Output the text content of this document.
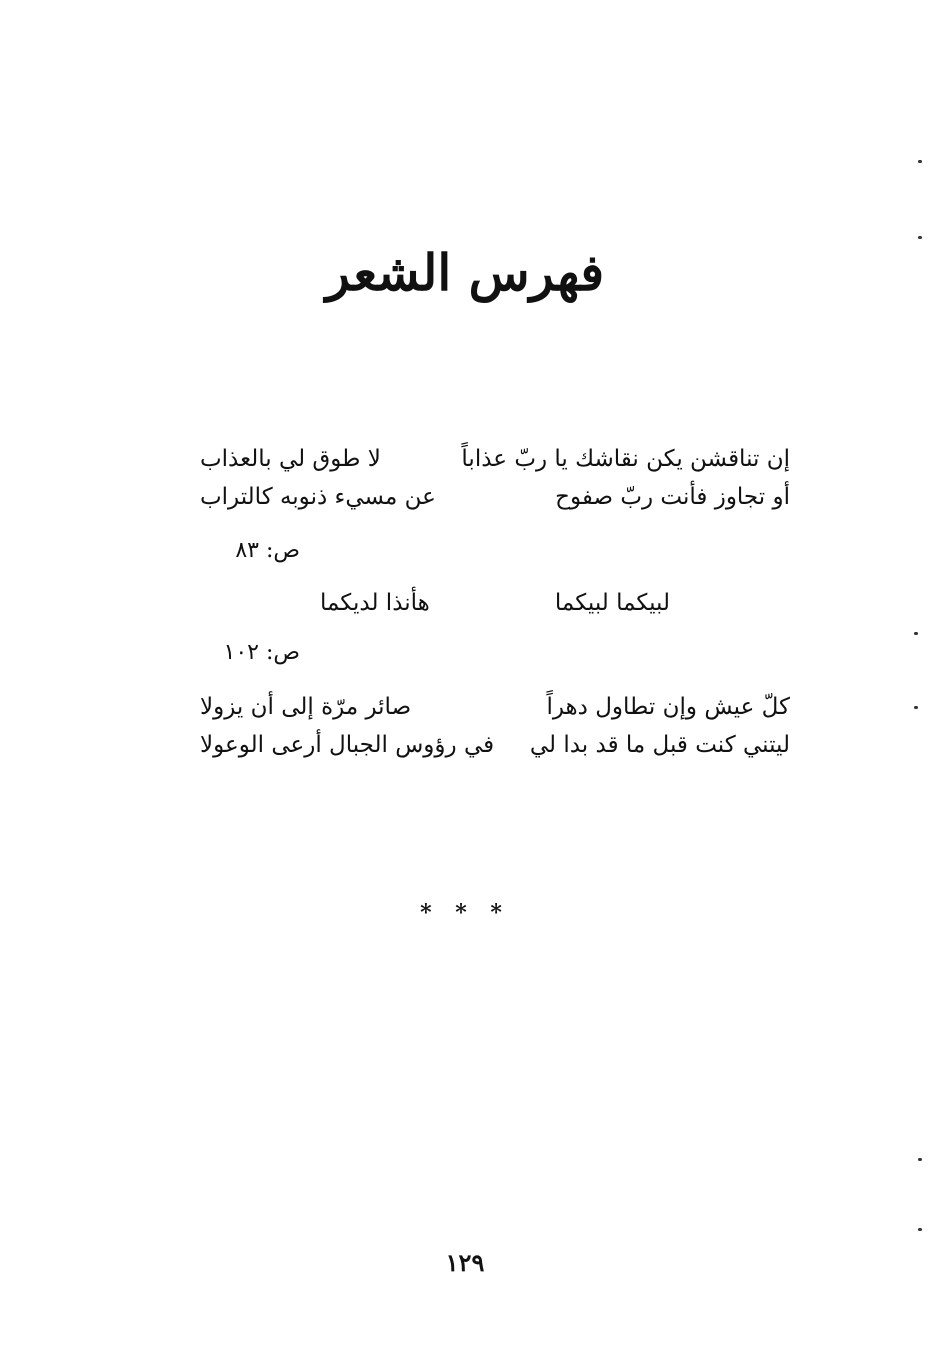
فهرس الشعر
إن تناقشن يكن نقاشك يا ربّ عذاباً
لا طوق لي بالعذاب
أو تجاوز فأنت ربّ صفوح
عن مسيء ذنوبه كالتراب
ص: ٨٣
لبيكما لبيكما
هأنذا لديكما
ص: ١٠٢
كلّ عيش وإن تطاول دهراً
صائر مرّة إلى أن يزولا
ليتني كنت قبل ما قد بدا لي
في رؤوس الجبال أرعى الوعولا
* * *
١٢٩
